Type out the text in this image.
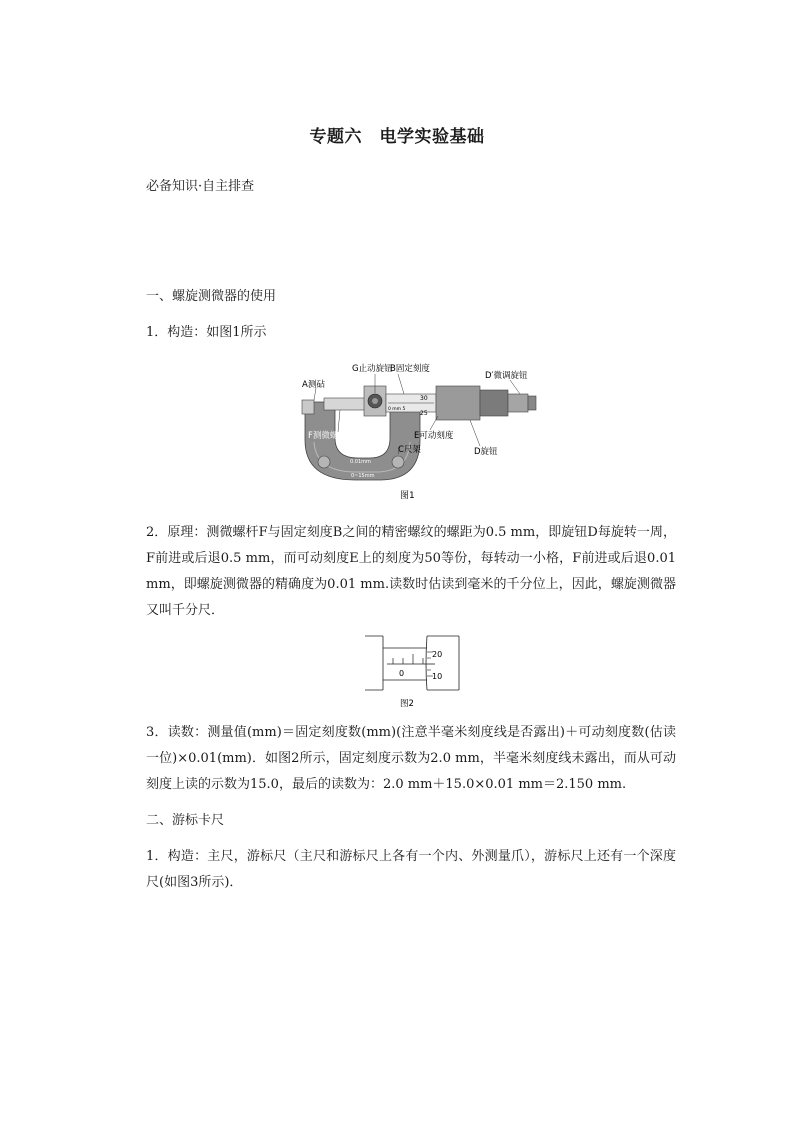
专题六　电学实验基础
必备知识·自主排查
一、螺旋测微器的使用
1．构造：如图1所示
0.01mm
0~15mm
30
25
0 mm 5
A测砧
G止动旋钮
B固定刻度
D′微调旋钮
F测微螺杆	E可动刻度
C尺架	D旋钮
图1
2．原理：测微螺杆F与固定刻度B之间的精密螺纹的螺距为0.5 mm，即旋钮D每旋转一周，F前进或后退0.5 mm，而可动刻度E上的刻度为50等份，每转动一小格，F前进或后退0.01 mm，即螺旋测微器的精确度为0.01 mm.读数时估读到毫米的千分位上，因此，螺旋测微器又叫千分尺．
20
10
0
图2
3．读数：测量值(mm)＝固定刻度数(mm)(注意半毫米刻度线是否露出)＋可动刻度数(估读一位)×0.01(mm)．如图2所示，固定刻度示数为2.0 mm，半毫米刻度线未露出，而从可动刻度上读的示数为15.0，最后的读数为：2.0 mm＋15.0×0.01 mm＝2.150 mm.
二、游标卡尺
1．构造：主尺，游标尺（主尺和游标尺上各有一个内、外测量爪），游标尺上还有一个深度尺(如图3所示)．
